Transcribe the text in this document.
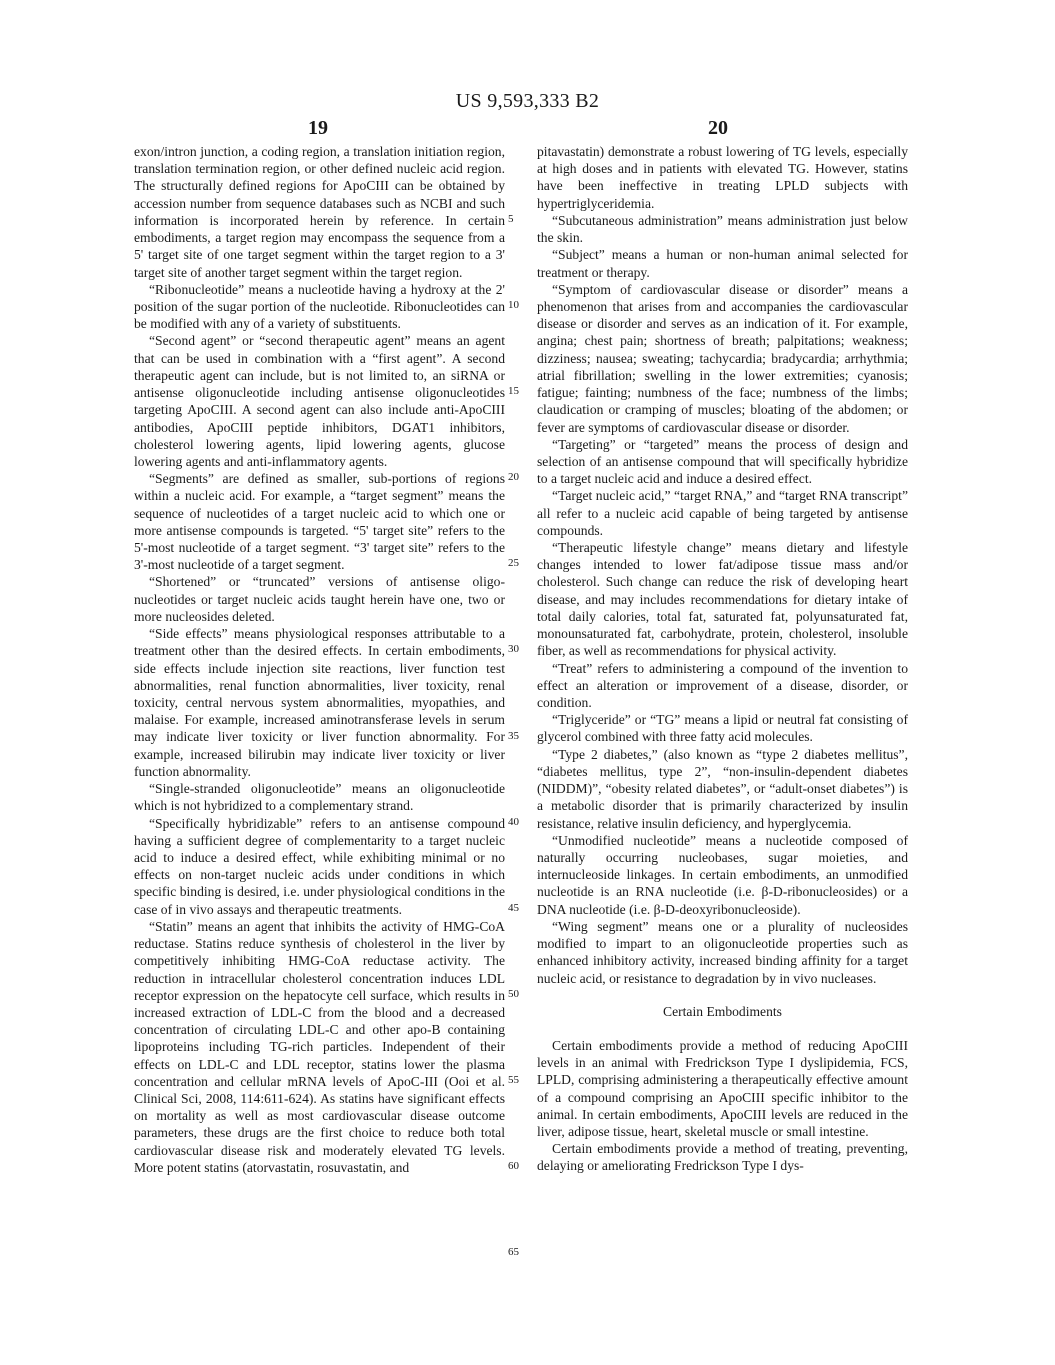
US 9,593,333 B2
19	20

exon/intron junction, a coding region, a translation initiation region, translation termination region, or other defined nucleic acid region. The structurally defined regions for ApoCIII can be obtained by accession number from sequence databases such as NCBI and such information is incorporated herein by reference. In certain embodiments, a target region may encompass the sequence from a 5' target site of one target segment within the target region to a 3' target site of another target segment within the target region.

“Ribonucleotide” means a nucleotide having a hydroxy at the 2' position of the sugar portion of the nucleotide. Ribonucleotides can be modified with any of a variety of substituents.

“Second agent” or “second therapeutic agent” means an agent that can be used in combination with a “first agent”. A second therapeutic agent can include, but is not limited to, an siRNA or antisense oligonucleotide including antisense oligonucleotides targeting ApoCIII. A second agent can also include anti-ApoCIII antibodies, ApoCIII peptide inhibitors, DGAT1 inhibitors, cholesterol lowering agents, lipid lowering agents, glucose lowering agents and anti-inflammatory agents.

“Segments” are defined as smaller, sub-portions of regions within a nucleic acid. For example, a “target segment” means the sequence of nucleotides of a target nucleic acid to which one or more antisense compounds is targeted. “5' target site” refers to the 5'-most nucleotide of a target segment. “3' target site” refers to the 3'-most nucleotide of a target segment.

“Shortened” or “truncated” versions of antisense oligonucleotides or target nucleic acids taught herein have one, two or more nucleosides deleted.

“Side effects” means physiological responses attributable to a treatment other than the desired effects. In certain embodiments, side effects include injection site reactions, liver function test abnormalities, renal function abnormalities, liver toxicity, renal toxicity, central nervous system abnormalities, myopathies, and malaise. For example, increased aminotransferase levels in serum may indicate liver toxicity or liver function abnormality. For example, increased bilirubin may indicate liver toxicity or liver function abnormality.

“Single-stranded oligonucleotide” means an oligonucleotide which is not hybridized to a complementary strand.

“Specifically hybridizable” refers to an antisense compound having a sufficient degree of complementarity to a target nucleic acid to induce a desired effect, while exhibiting minimal or no effects on non-target nucleic acids under conditions in which specific binding is desired, i.e. under physiological conditions in the case of in vivo assays and therapeutic treatments.

“Statin” means an agent that inhibits the activity of HMG-CoA reductase. Statins reduce synthesis of cholesterol in the liver by competitively inhibiting HMG-CoA reductase activity. The reduction in intracellular cholesterol concentration induces LDL receptor expression on the hepatocyte cell surface, which results in increased extraction of LDL-C from the blood and a decreased concentration of circulating LDL-C and other apo-B containing lipoproteins including TG-rich particles. Independent of their effects on LDL-C and LDL receptor, statins lower the plasma concentration and cellular mRNA levels of ApoC-III (Ooi et al. Clinical Sci, 2008, 114:611-624). As statins have significant effects on mortality as well as most cardiovascular disease outcome parameters, these drugs are the first choice to reduce both total cardiovascular disease risk and moderately elevated TG levels. More potent statins (atorvastatin, rosuvastatin, and

5
10
15
20
25
30
35
40
45
50
55
60
65

pitavastatin) demonstrate a robust lowering of TG levels, especially at high doses and in patients with elevated TG. However, statins have been ineffective in treating LPLD subjects with hypertriglyceridemia.

“Subcutaneous administration” means administration just below the skin.

“Subject” means a human or non-human animal selected for treatment or therapy.

“Symptom of cardiovascular disease or disorder” means a phenomenon that arises from and accompanies the cardiovascular disease or disorder and serves as an indication of it. For example, angina; chest pain; shortness of breath; palpitations; weakness; dizziness; nausea; sweating; tachycardia; bradycardia; arrhythmia; atrial fibrillation; swelling in the lower extremities; cyanosis; fatigue; fainting; numbness of the face; numbness of the limbs; claudication or cramping of muscles; bloating of the abdomen; or fever are symptoms of cardiovascular disease or disorder.

“Targeting” or “targeted” means the process of design and selection of an antisense compound that will specifically hybridize to a target nucleic acid and induce a desired effect.

“Target nucleic acid,” “target RNA,” and “target RNA transcript” all refer to a nucleic acid capable of being targeted by antisense compounds.

“Therapeutic lifestyle change” means dietary and lifestyle changes intended to lower fat/adipose tissue mass and/or cholesterol. Such change can reduce the risk of developing heart disease, and may includes recommendations for dietary intake of total daily calories, total fat, saturated fat, polyunsaturated fat, monounsaturated fat, carbohydrate, protein, cholesterol, insoluble fiber, as well as recommendations for physical activity.

“Treat” refers to administering a compound of the invention to effect an alteration or improvement of a disease, disorder, or condition.

“Triglyceride” or “TG” means a lipid or neutral fat consisting of glycerol combined with three fatty acid molecules.

“Type 2 diabetes,” (also known as “type 2 diabetes mellitus”, “diabetes mellitus, type 2”, “non-insulin-dependent diabetes (NIDDM)”, “obesity related diabetes”, or “adult-onset diabetes”) is a metabolic disorder that is primarily characterized by insulin resistance, relative insulin deficiency, and hyperglycemia.

“Unmodified nucleotide” means a nucleotide composed of naturally occurring nucleobases, sugar moieties, and internucleoside linkages. In certain embodiments, an unmodified nucleotide is an RNA nucleotide (i.e. β-D-ribonucleosides) or a DNA nucleotide (i.e. β-D-deoxyribonucleoside).

“Wing segment” means one or a plurality of nucleosides modified to impart to an oligonucleotide properties such as enhanced inhibitory activity, increased binding affinity for a target nucleic acid, or resistance to degradation by in vivo nucleases.

Certain Embodiments

Certain embodiments provide a method of reducing ApoCIII levels in an animal with Fredrickson Type I dyslipidemia, FCS, LPLD, comprising administering a therapeutically effective amount of a compound comprising an ApoCIII specific inhibitor to the animal. In certain embodiments, ApoCIII levels are reduced in the liver, adipose tissue, heart, skeletal muscle or small intestine.

Certain embodiments provide a method of treating, preventing, delaying or ameliorating Fredrickson Type I dys-
